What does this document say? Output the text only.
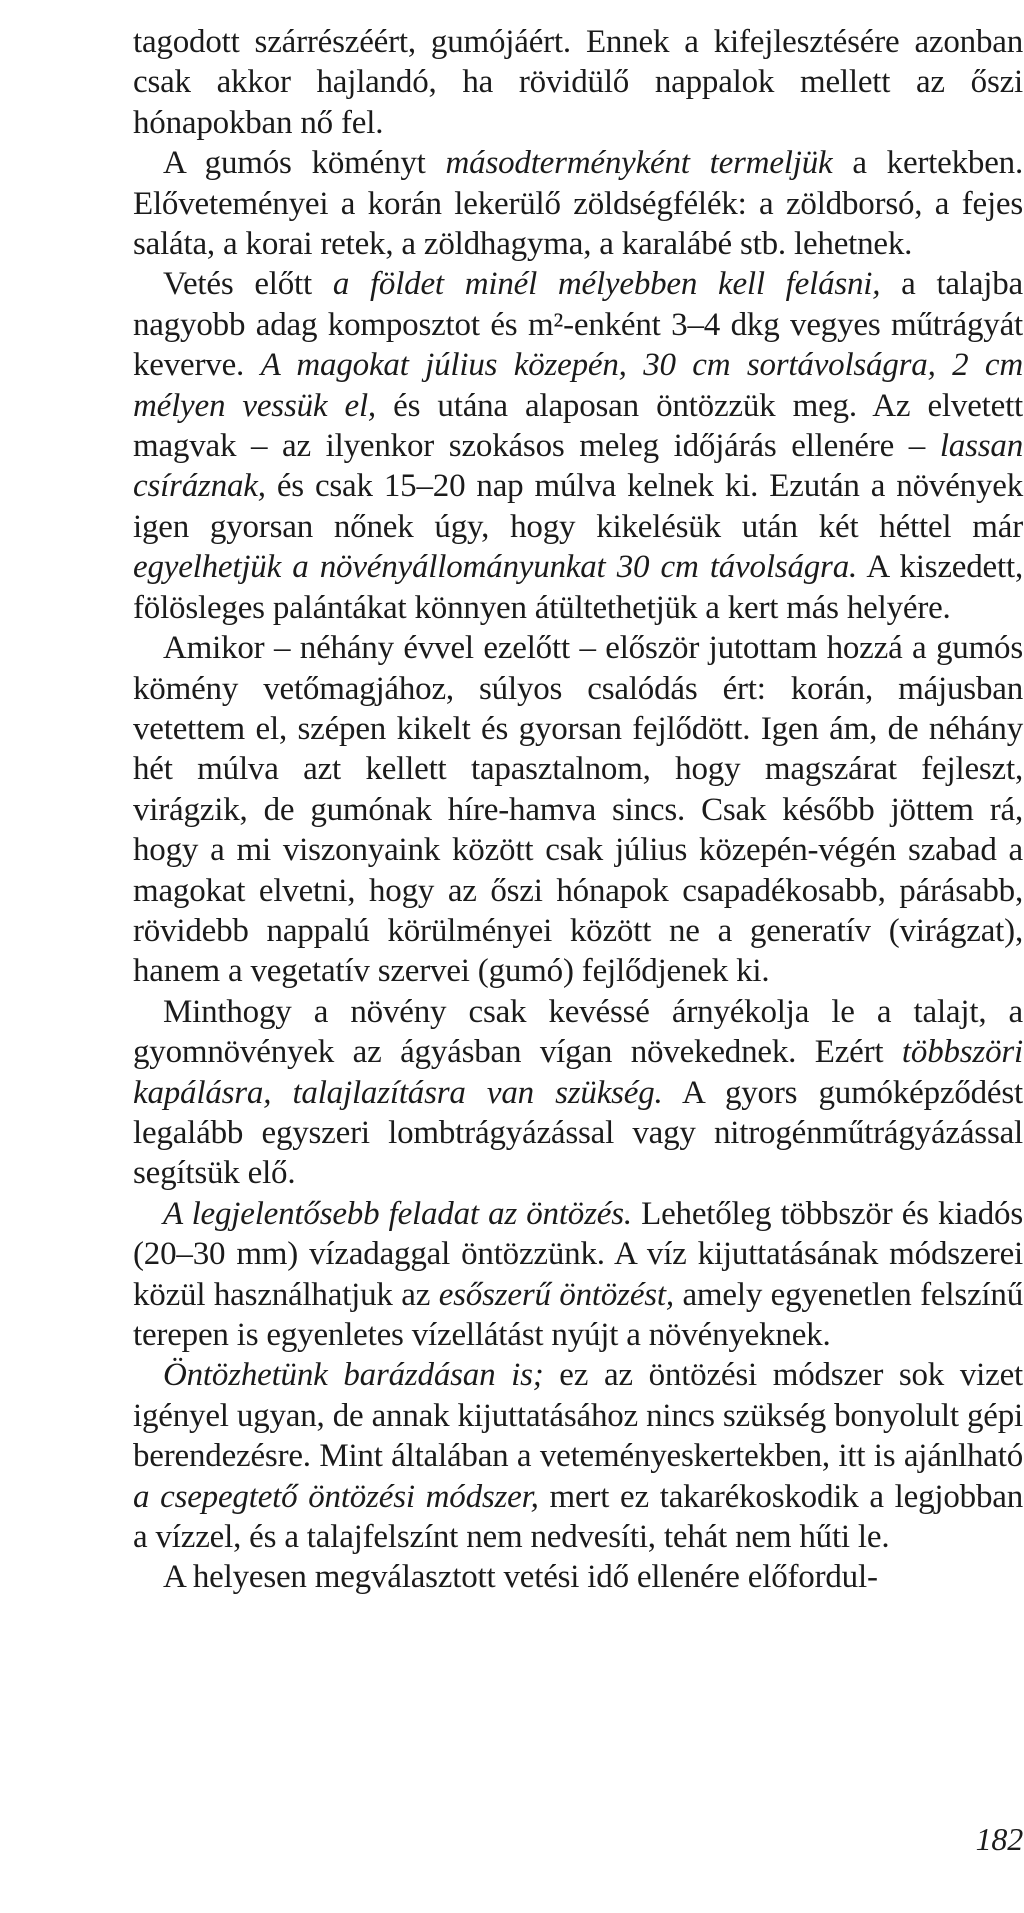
tagodott szárrészéért, gumójáért. Ennek a kifejlesztésére azonban csak akkor hajlandó, ha rövidülő nappalok mellett az őszi hónapokban nő fel.

A gumós köményt másodterményként termeljük a kertekben. Előveteményei a korán lekerülő zöldségfélék: a zöldborsó, a fejes saláta, a korai retek, a zöldhagyma, a karalábé stb. lehetnek.

Vetés előtt a földet minél mélyebben kell felásni, a talajba nagyobb adag komposztot és m²-enként 3–4 dkg vegyes műtrágyát keverve. A magokat július közepén, 30 cm sortávolságra, 2 cm mélyen vessük el, és utána alaposan öntözzük meg. Az elvetett magvak – az ilyenkor szokásos meleg időjárás ellenére – lassan csíráznak, és csak 15–20 nap múlva kelnek ki. Ezután a növények igen gyorsan nőnek úgy, hogy kikelésük után két héttel már egyelhetjük a növényállományunkat 30 cm távolságra. A kiszedett, fölösleges palántákat könnyen átültethetjük a kert más helyére.

Amikor – néhány évvel ezelőtt – először jutottam hozzá a gumós kömény vetőmagjához, súlyos csalódás ért: korán, májusban vetettem el, szépen kikelt és gyorsan fejlődött. Igen ám, de néhány hét múlva azt kellett tapasztalnom, hogy magszárat fejleszt, virágzik, de gumónak híre-hamva sincs. Csak később jöttem rá, hogy a mi viszonyaink között csak július közepén-végén szabad a magokat elvetni, hogy az őszi hónapok csapadékosabb, párásabb, rövidebb nappalú körülményei között ne a generatív (virágzat), hanem a vegetatív szervei (gumó) fejlődjenek ki.

Minthogy a növény csak kevéssé árnyékolja le a talajt, a gyomnövények az ágyásban vígan növekednek. Ezért többszöri kapálásra, talajlazításra van szükség. A gyors gumóképződést legalább egyszeri lombtrágyázással vagy nitrogénműtrágyázással segítsük elő.

A legjelentősebb feladat az öntözés. Lehetőleg többször és kiadós (20–30 mm) vízadaggal öntözzünk. A víz kijuttatásának módszerei közül használhatjuk az esőszerű öntözést, amely egyenetlen felszínű terepen is egyenletes vízellátást nyújt a növényeknek.

Öntözhetünk barázdásan is; ez az öntözési módszer sok vizet igényel ugyan, de annak kijuttatásához nincs szükség bonyolult gépi berendezésre. Mint általában a veteményeskertekben, itt is ajánlható a csepegtető öntözési módszer, mert ez takarékoskodik a legjobban a vízzel, és a talajfelszínt nem nedvesíti, tehát nem hűti le.

A helyesen megválasztott vetési idő ellenére előfordul-

182
